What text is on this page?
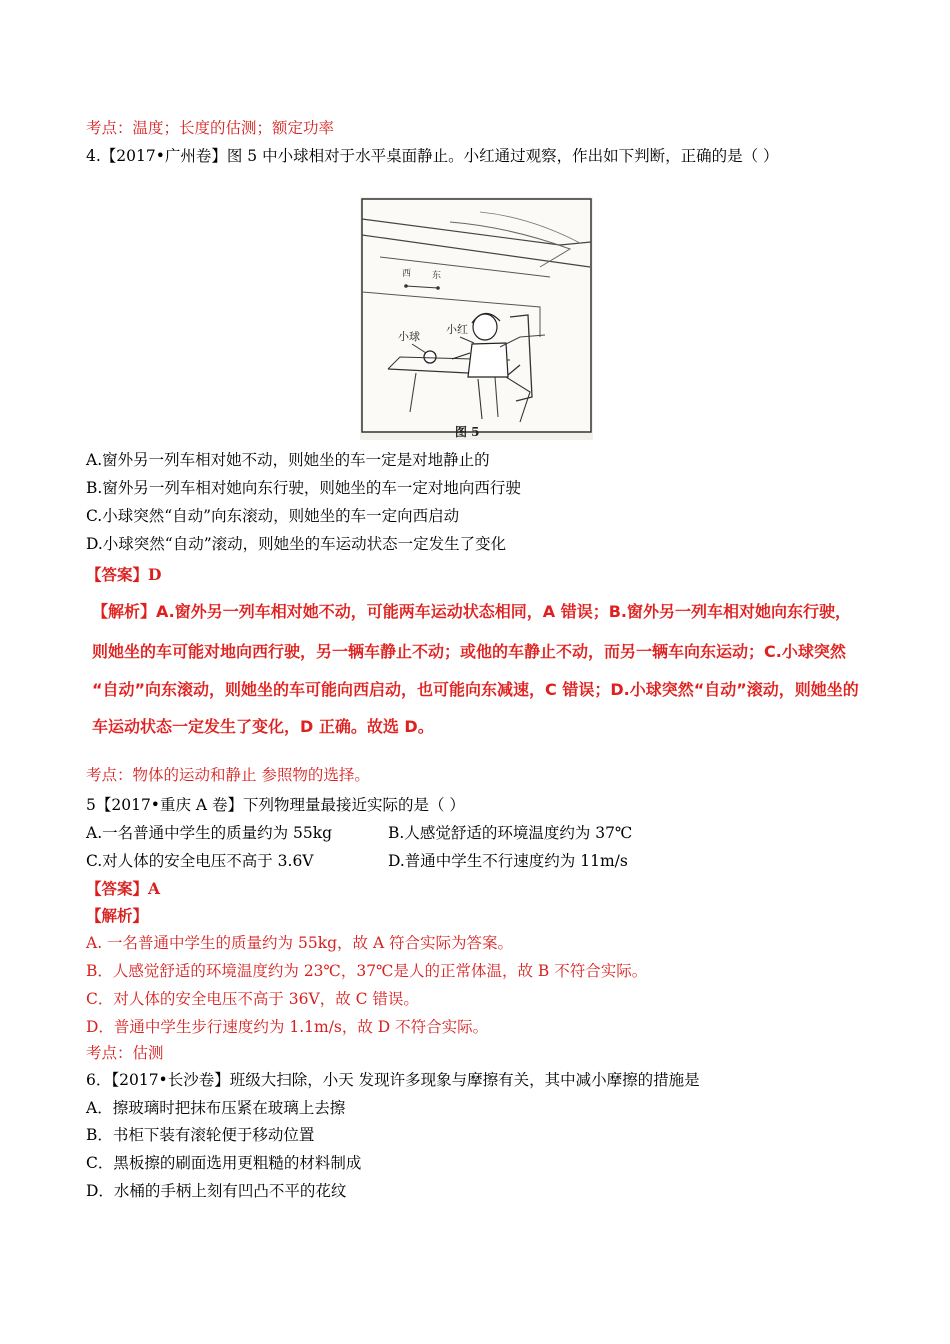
考点：温度；长度的估测；额定功率
4.【2017•广州卷】图 5 中小球相对于水平桌面静止。小红通过观察，作出如下判断，正确的是（ ）
西 东
小球
小红
图 5
A.窗外另一列车相对她不动，则她坐的车一定是对地静止的
B.窗外另一列车相对她向东行驶，则她坐的车一定对地向西行驶
C.小球突然“自动”向东滚动，则她坐的车一定向西启动
D.小球突然“自动”滚动，则她坐的车运动状态一定发生了变化
【答案】D
【解析】A.窗外另一列车相对她不动，可能两车运动状态相同，A 错误；B.窗外另一列车相对她向东行驶，
则她坐的车可能对地向西行驶，另一辆车静止不动；或他的车静止不动，而另一辆车向东运动；C.小球突然
“自动”向东滚动，则她坐的车可能向西启动，也可能向东减速，C 错误；D.小球突然“自动”滚动，则她坐的
车运动状态一定发生了变化，D 正确。故选 D。
考点：物体的运动和静止 参照物的选择。
5【2017•重庆 A 卷】下列物理量最接近实际的是（ ）
A.一名普通中学生的质量约为 55kg	B.人感觉舒适的环境温度约为 37℃
C.对人体的安全电压不高于 3.6V	D.普通中学生不行速度约为 11m/s
【答案】A
【解析】
A. 一名普通中学生的质量约为 55kg，故 A 符合实际为答案。
B．人感觉舒适的环境温度约为 23℃，37℃是人的正常体温，故 B 不符合实际。
C．对人体的安全电压不高于 36V，故 C 错误。
D．普通中学生步行速度约为 1.1m/s，故 D 不符合实际。
考点：估测
6．【2017•长沙卷】班级大扫除，小天 发现许多现象与摩擦有关，其中减小摩擦的措施是
A．擦玻璃时把抹布压紧在玻璃上去擦
B．书柜下装有滚轮便于移动位置
C．黑板擦的刷面选用更粗糙的材料制成
D．水桶的手柄上刻有凹凸不平的花纹
